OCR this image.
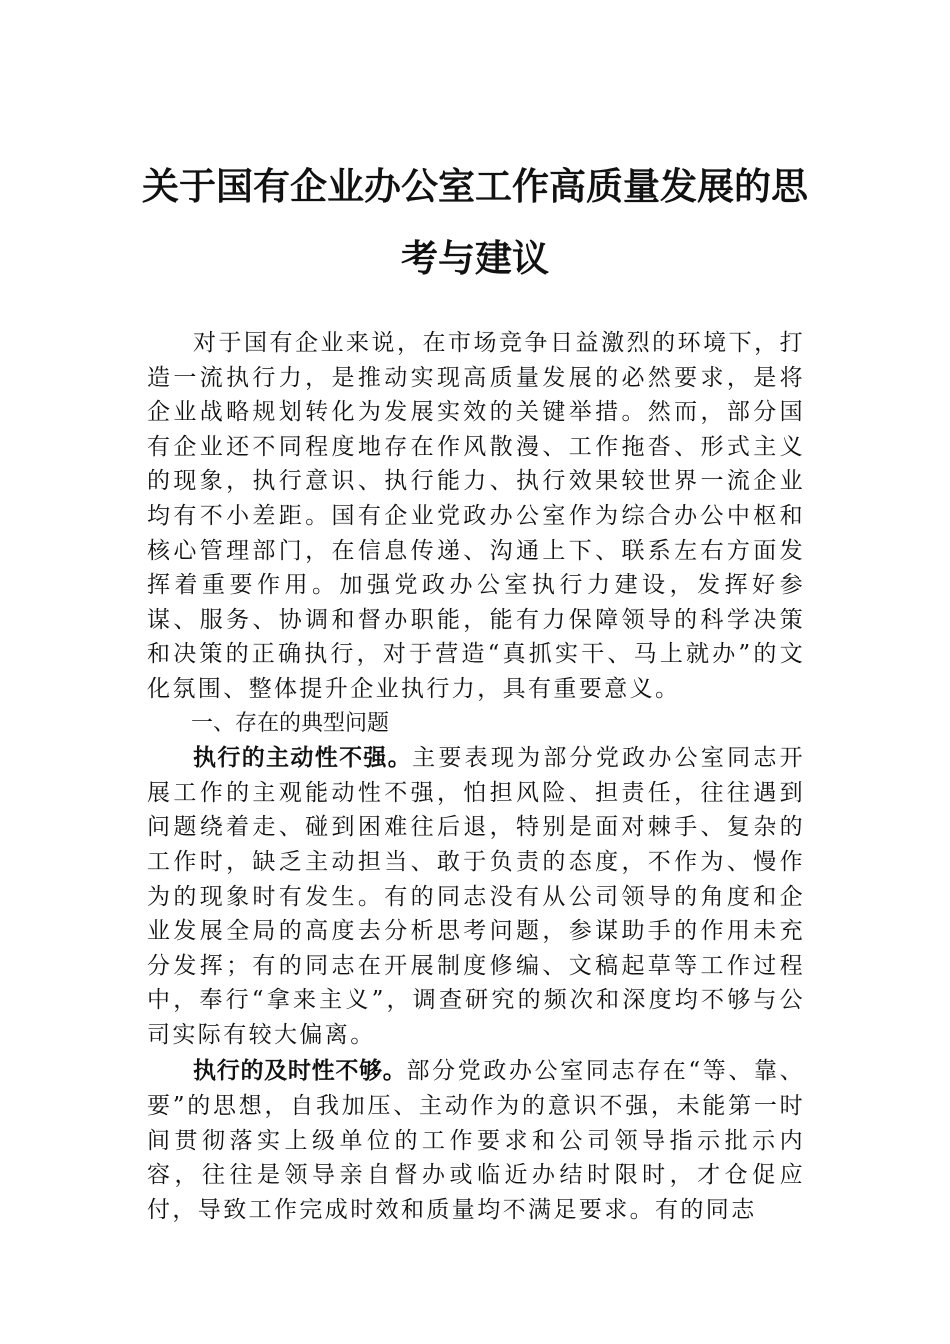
关于国有企业办公室工作高质量发展的思
考与建议

对于国有企业来说，在市场竞争日益激烈的环境下，打造一流执行力，是推动实现高质量发展的必然要求，是将企业战略规划转化为发展实效的关键举措。然而，部分国有企业还不同程度地存在作风散漫、工作拖沓、形式主义的现象，执行意识、执行能力、执行效果较世界一流企业均有不小差距。国有企业党政办公室作为综合办公中枢和核心管理部门，在信息传递、沟通上下、联系左右方面发挥着重要作用。加强党政办公室执行力建设，发挥好参谋、服务、协调和督办职能，能有力保障领导的科学决策和决策的正确执行，对于营造“真抓实干、马上就办”的文化氛围、整体提升企业执行力，具有重要意义。

一、存在的典型问题

执行的主动性不强。主要表现为部分党政办公室同志开展工作的主观能动性不强，怕担风险、担责任，往往遇到问题绕着走、碰到困难往后退，特别是面对棘手、复杂的工作时，缺乏主动担当、敢于负责的态度，不作为、慢作为的现象时有发生。有的同志没有从公司领导的角度和企业发展全局的高度去分析思考问题，参谋助手的作用未充分发挥；有的同志在开展制度修编、文稿起草等工作过程中，奉行“拿来主义”，调查研究的频次和深度均不够与公司实际有较大偏离。

执行的及时性不够。部分党政办公室同志存在“等、靠、要”的思想，自我加压、主动作为的意识不强，未能第一时间贯彻落实上级单位的工作要求和公司领导指示批示内容，往往是领导亲自督办或临近办结时限时，才仓促应付，导致工作完成时效和质量均不满足要求。有的同志
